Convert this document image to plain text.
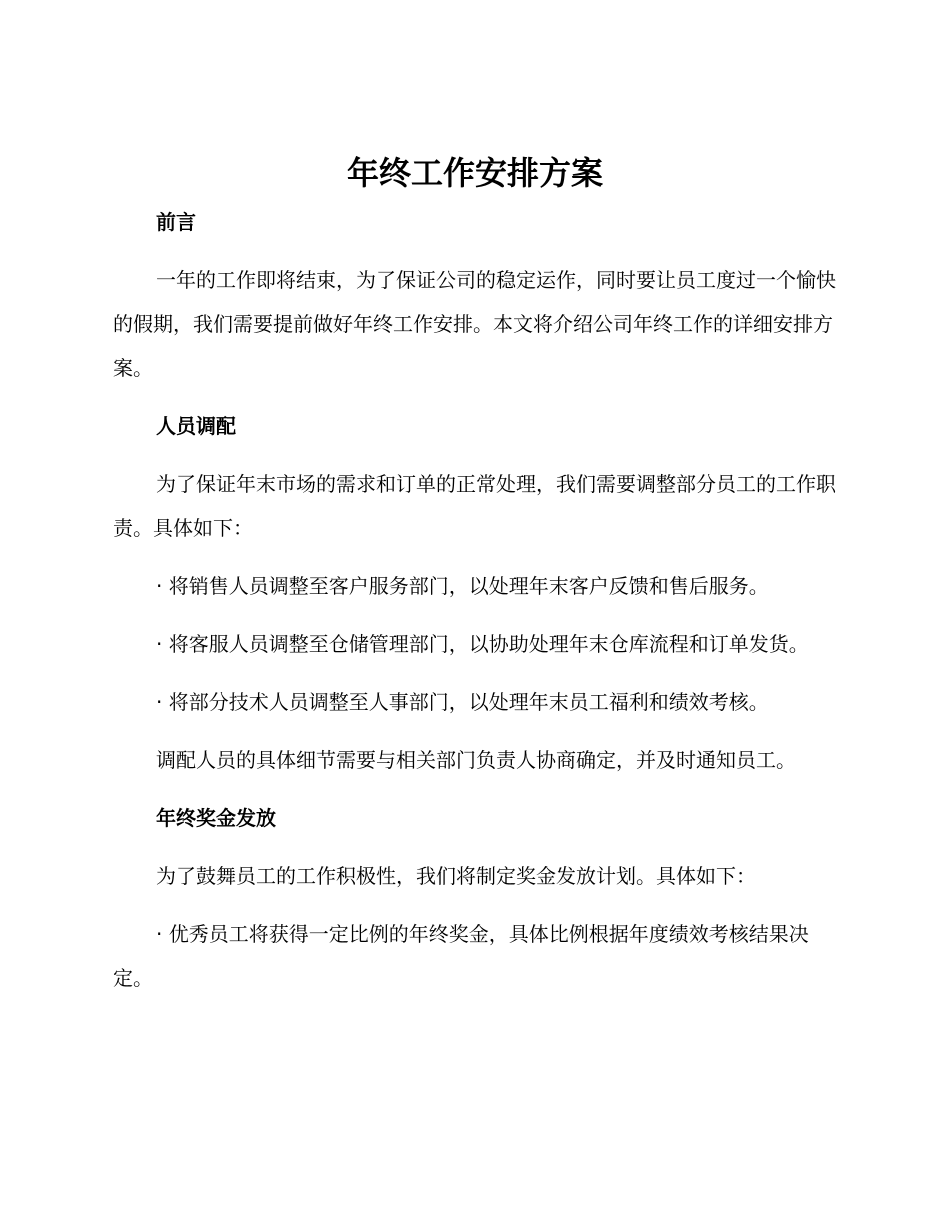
年终工作安排方案

前言

一年的工作即将结束，为了保证公司的稳定运作，同时要让员工度过一个愉快的假期，我们需要提前做好年终工作安排。本文将介绍公司年终工作的详细安排方案。

人员调配

为了保证年末市场的需求和订单的正常处理，我们需要调整部分员工的工作职责。具体如下：

· 将销售人员调整至客户服务部门，以处理年末客户反馈和售后服务。

· 将客服人员调整至仓储管理部门，以协助处理年末仓库流程和订单发货。

· 将部分技术人员调整至人事部门，以处理年末员工福利和绩效考核。

调配人员的具体细节需要与相关部门负责人协商确定，并及时通知员工。

年终奖金发放

为了鼓舞员工的工作积极性，我们将制定奖金发放计划。具体如下：

· 优秀员工将获得一定比例的年终奖金，具体比例根据年度绩效考核结果决定。
